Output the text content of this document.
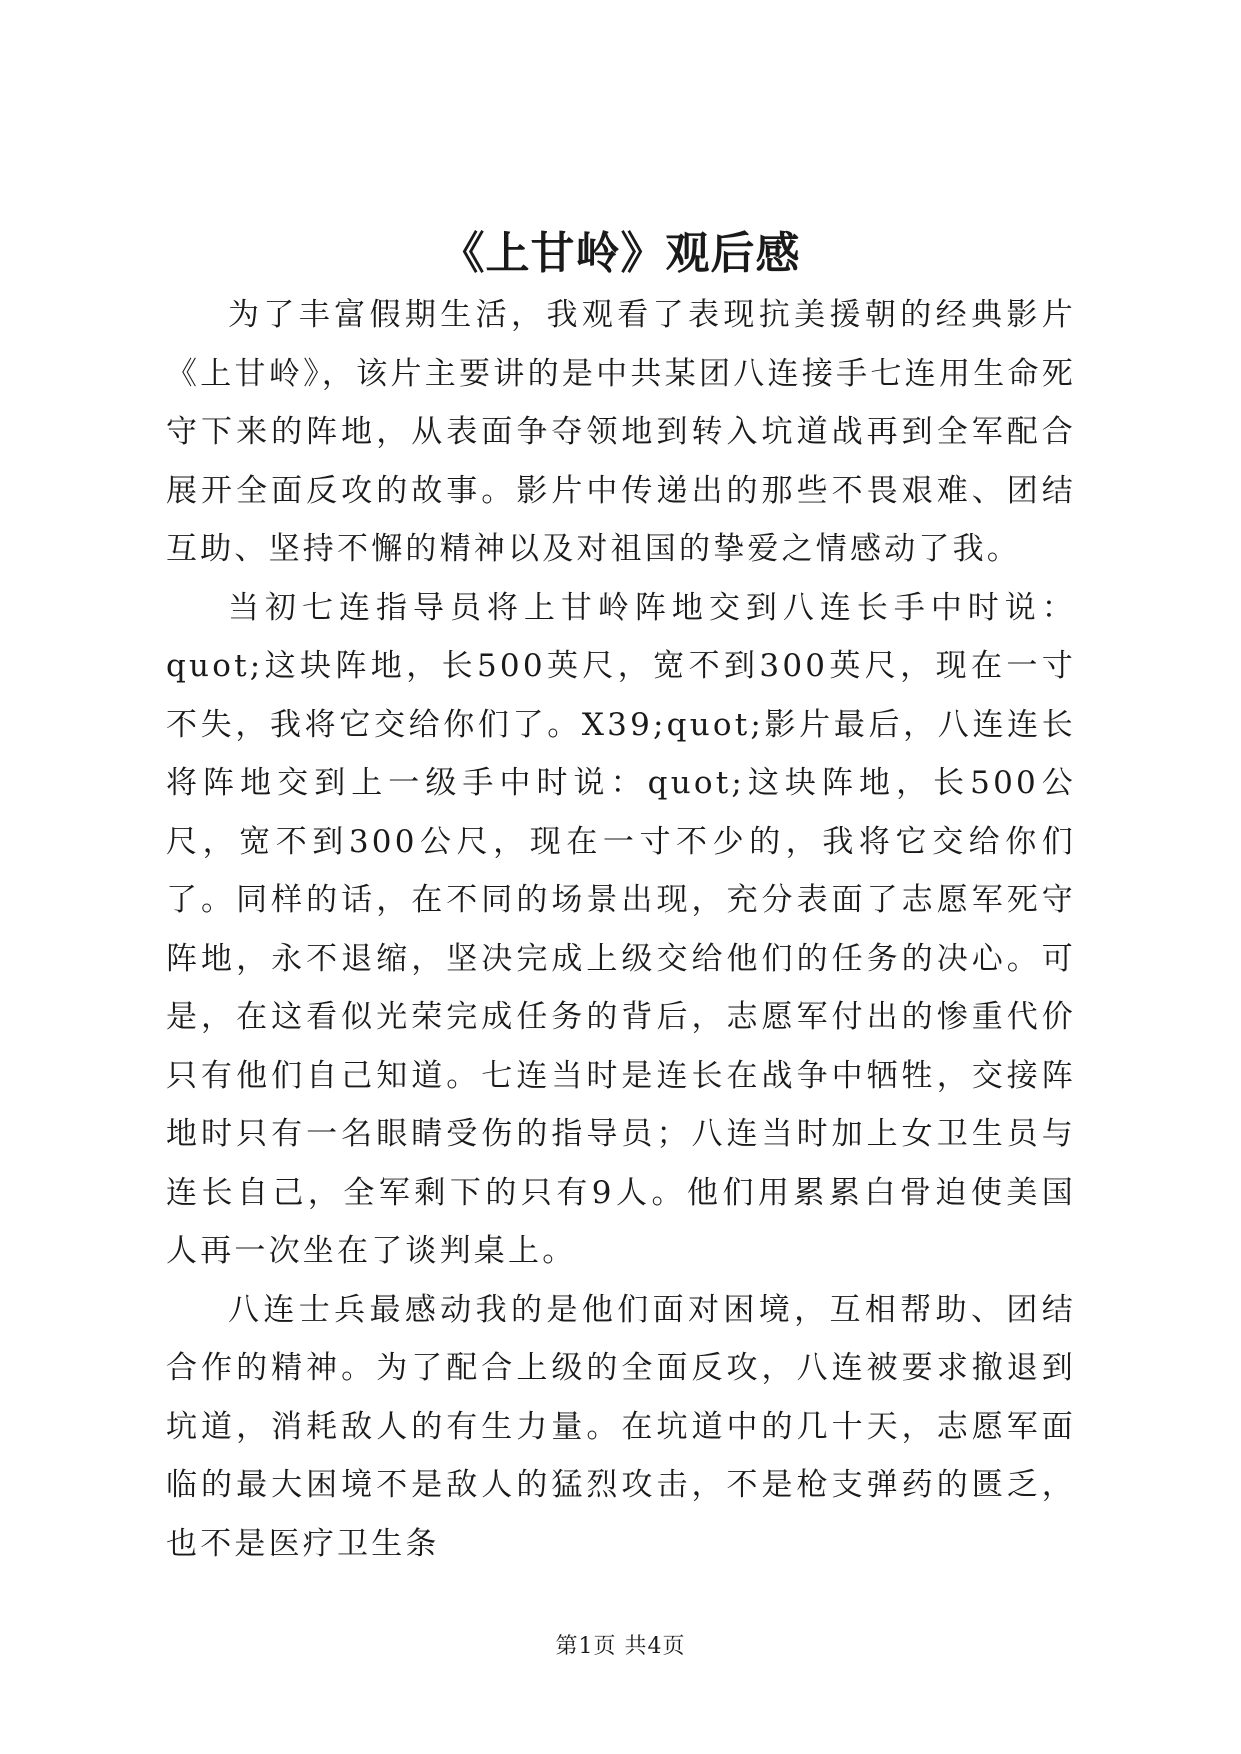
《上甘岭》观后感

为了丰富假期生活，我观看了表现抗美援朝的经典影片《上甘岭》，该片主要讲的是中共某团八连接手七连用生命死守下来的阵地，从表面争夺领地到转入坑道战再到全军配合展开全面反攻的故事。影片中传递出的那些不畏艰难、团结互助、坚持不懈的精神以及对祖国的挚爱之情感动了我。

当初七连指导员将上甘岭阵地交到八连长手中时说：quot;这块阵地，长500英尺，宽不到300英尺，现在一寸不失，我将它交给你们了。X39;quot;影片最后，八连连长将阵地交到上一级手中时说：quot;这块阵地，长500公尺，宽不到300公尺，现在一寸不少的，我将它交给你们了。同样的话，在不同的场景出现，充分表面了志愿军死守阵地，永不退缩，坚决完成上级交给他们的任务的决心。可是，在这看似光荣完成任务的背后，志愿军付出的惨重代价只有他们自己知道。七连当时是连长在战争中牺牲，交接阵地时只有一名眼睛受伤的指导员；八连当时加上女卫生员与连长自己，全军剩下的只有9人。他们用累累白骨迫使美国人再一次坐在了谈判桌上。

八连士兵最感动我的是他们面对困境，互相帮助、团结合作的精神。为了配合上级的全面反攻，八连被要求撤退到坑道，消耗敌人的有生力量。在坑道中的几十天，志愿军面临的最大困境不是敌人的猛烈攻击，不是枪支弹药的匮乏，也不是医疗卫生条

第1页 共4页
